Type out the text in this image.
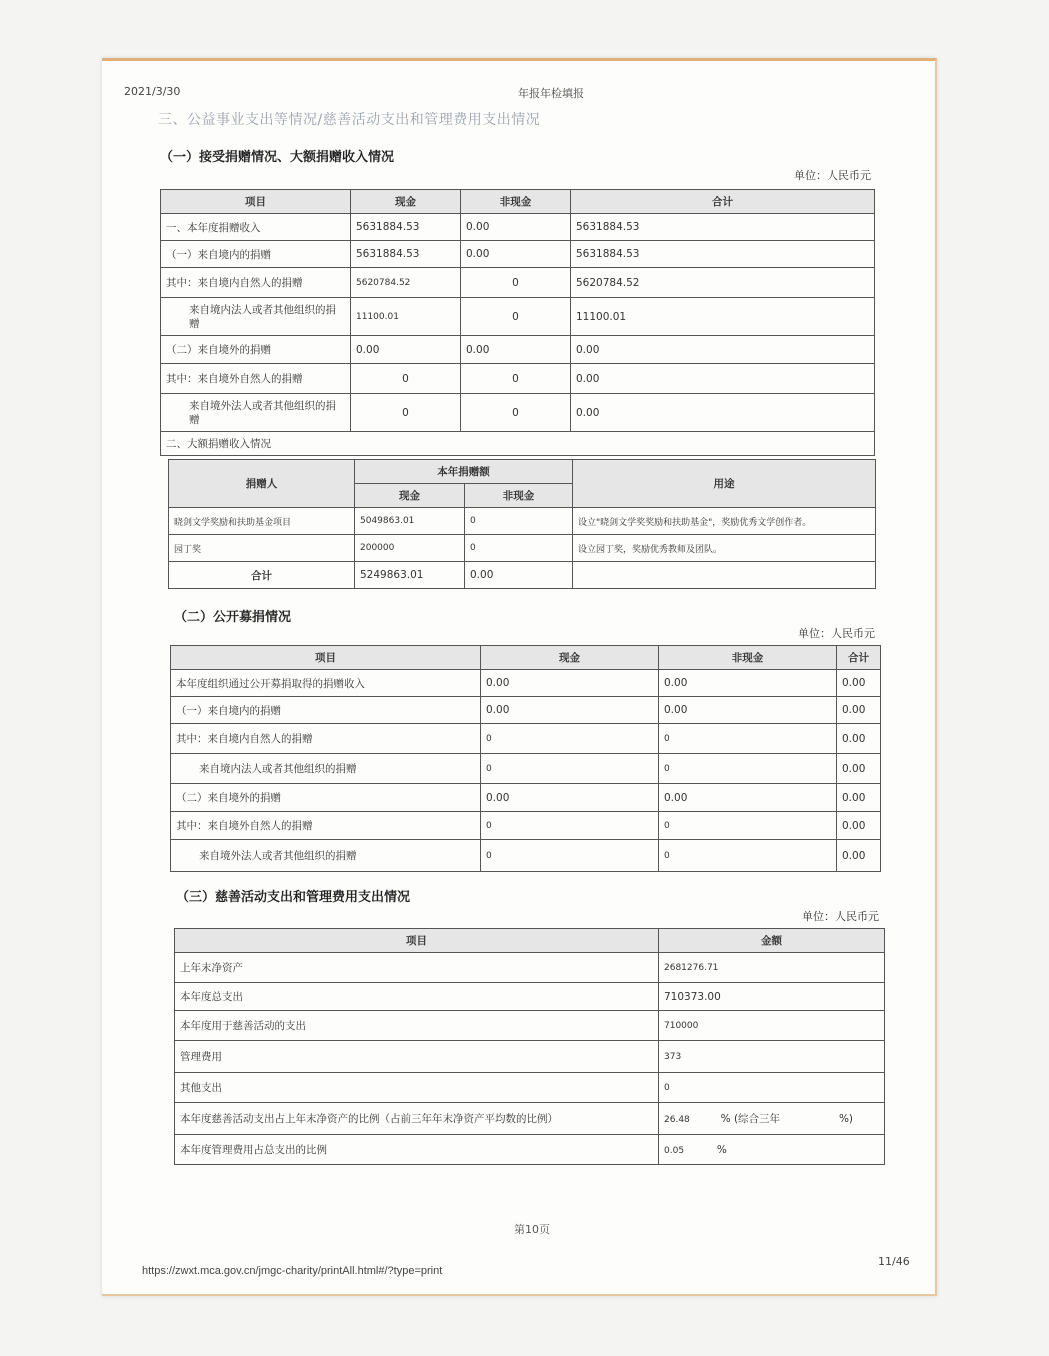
2021/3/30	年报年检填报
三、公益事业支出等情况/慈善活动支出和管理费用支出情况
（一）接受捐赠情况、大额捐赠收入情况
单位：人民币元
项目	现金	非现金	合计
一、本年度捐赠收入	5631884.53	0.00	5631884.53
（一）来自境内的捐赠	5631884.53	0.00	5631884.53
其中：来自境内自然人的捐赠	5620784.52	0	5620784.52
来自境内法人或者其他组织的捐赠	11100.01	0	11100.01
（二）来自境外的捐赠	0.00	0.00	0.00
其中：来自境外自然人的捐赠	0	0	0.00
来自境外法人或者其他组织的捐赠	0	0	0.00
二、大额捐赠收入情况			
捐赠人	本年捐赠额		用途
	现金	非现金	
晓剑文学奖励和扶助基金项目	5049863.01	0	设立"晓剑文学奖奖励和扶助基金"，奖励优秀文学创作者。
园丁奖	200000	0	设立园丁奖，奖励优秀教师及团队。
合计	5249863.01	0.00	
（二）公开募捐情况
单位：人民币元
项目	现金	非现金	合计
本年度组织通过公开募捐取得的捐赠收入	0.00	0.00	0.00
（一）来自境内的捐赠	0.00	0.00	0.00
其中：来自境内自然人的捐赠	0	0	0.00
来自境内法人或者其他组织的捐赠	0	0	0.00
（二）来自境外的捐赠	0.00	0.00	0.00
其中：来自境外自然人的捐赠	0	0	0.00
来自境外法人或者其他组织的捐赠	0	0	0.00
（三）慈善活动支出和管理费用支出情况
单位：人民币元
项目	金额
上年末净资产	2681276.71
本年度总支出	710373.00
本年度用于慈善活动的支出	710000
管理费用	373
其他支出	0
本年度慈善活动支出占上年末净资产的比例（占前三年年末净资产平均数的比例）	26.48 % (综合三年 %)
本年度管理费用占总支出的比例	0.05 %
第10页
https://zwxt.mca.gov.cn/jmgc-charity/printAll.html#/?type=print
11/46
